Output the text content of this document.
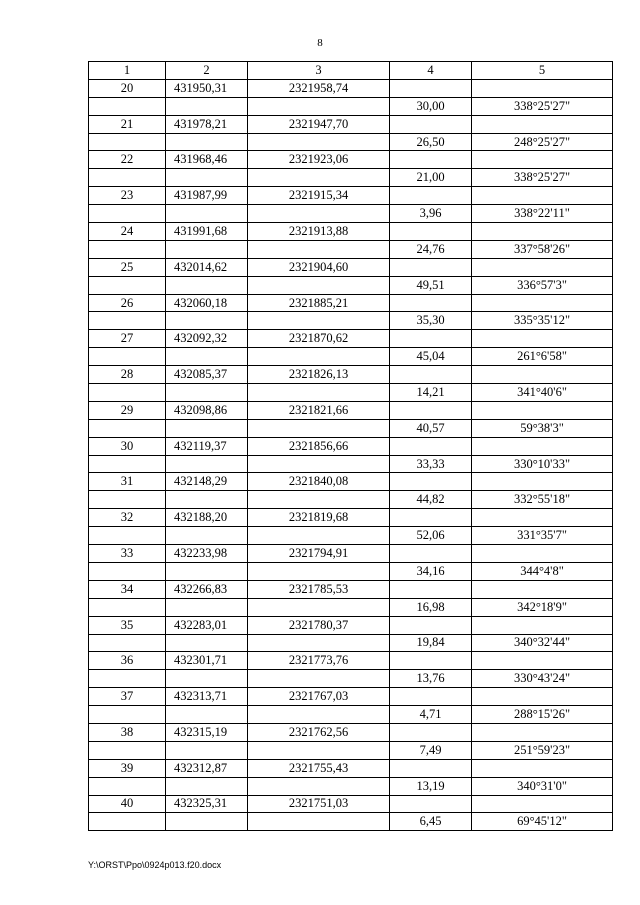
8
1	2	3	4	5
20	431950,31	2321958,74		
			30,00	338°25'27"
21	431978,21	2321947,70		
			26,50	248°25'27"
22	431968,46	2321923,06		
			21,00	338°25'27"
23	431987,99	2321915,34		
			3,96	338°22'11"
24	431991,68	2321913,88		
			24,76	337°58'26"
25	432014,62	2321904,60		
			49,51	336°57'3"
26	432060,18	2321885,21		
			35,30	335°35'12"
27	432092,32	2321870,62		
			45,04	261°6'58"
28	432085,37	2321826,13		
			14,21	341°40'6"
29	432098,86	2321821,66		
			40,57	59°38'3"
30	432119,37	2321856,66		
			33,33	330°10'33"
31	432148,29	2321840,08		
			44,82	332°55'18"
32	432188,20	2321819,68		
			52,06	331°35'7"
33	432233,98	2321794,91		
			34,16	344°4'8"
34	432266,83	2321785,53		
			16,98	342°18'9"
35	432283,01	2321780,37		
			19,84	340°32'44"
36	432301,71	2321773,76		
			13,76	330°43'24"
37	432313,71	2321767,03		
			4,71	288°15'26"
38	432315,19	2321762,56		
			7,49	251°59'23"
39	432312,87	2321755,43		
			13,19	340°31'0"
40	432325,31	2321751,03		
			6,45	69°45'12"
Y:\ORST\Ppo\0924p013.f20.docx
